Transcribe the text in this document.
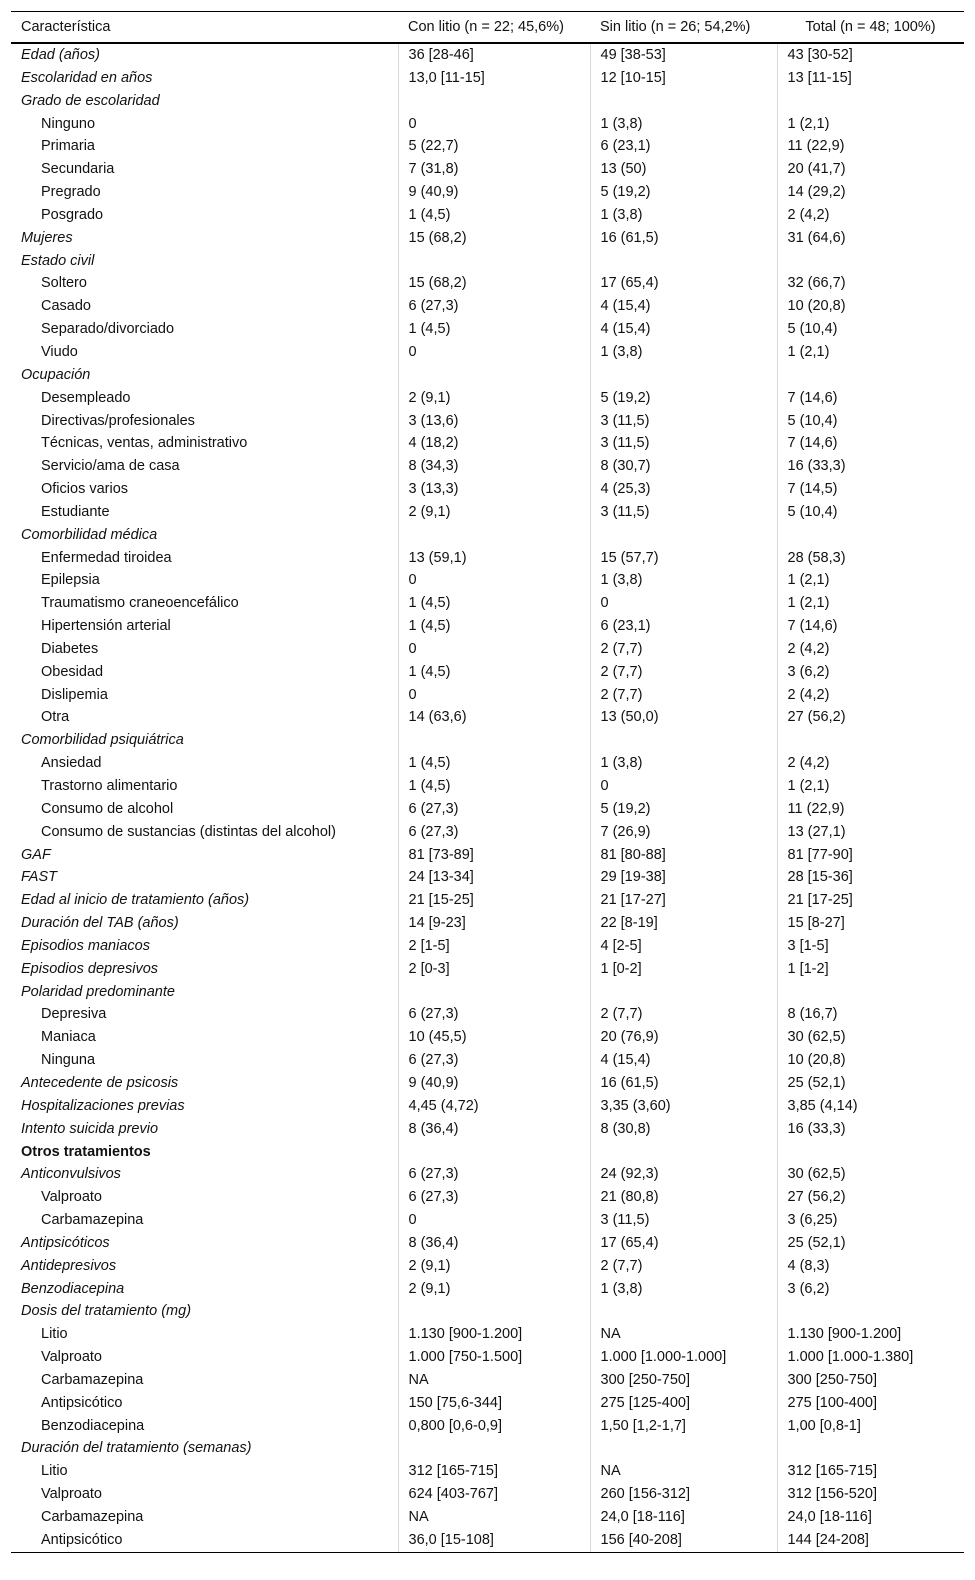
Característica	Con litio (n = 22; 45,6%)	Sin litio (n = 26; 54,2%)	Total (n = 48; 100%)
Edad (años)	36 [28-46]	49 [38-53]	43 [30-52]
Escolaridad en años	13,0 [11-15]	12 [10-15]	13 [11-15]
Grado de escolaridad			
Ninguno	0	1 (3,8)	1 (2,1)
Primaria	5 (22,7)	6 (23,1)	11 (22,9)
Secundaria	7 (31,8)	13 (50)	20 (41,7)
Pregrado	9 (40,9)	5 (19,2)	14 (29,2)
Posgrado	1 (4,5)	1 (3,8)	2 (4,2)
Mujeres	15 (68,2)	16 (61,5)	31 (64,6)
Estado civil			
Soltero	15 (68,2)	17 (65,4)	32 (66,7)
Casado	6 (27,3)	4 (15,4)	10 (20,8)
Separado/divorciado	1 (4,5)	4 (15,4)	5 (10,4)
Viudo	0	1 (3,8)	1 (2,1)
Ocupación			
Desempleado	2 (9,1)	5 (19,2)	7 (14,6)
Directivas/profesionales	3 (13,6)	3 (11,5)	5 (10,4)
Técnicas, ventas, administrativo	4 (18,2)	3 (11,5)	7 (14,6)
Servicio/ama de casa	8 (34,3)	8 (30,7)	16 (33,3)
Oficios varios	3 (13,3)	4 (25,3)	7 (14,5)
Estudiante	2 (9,1)	3 (11,5)	5 (10,4)
Comorbilidad médica			
Enfermedad tiroidea	13 (59,1)	15 (57,7)	28 (58,3)
Epilepsia	0	1 (3,8)	1 (2,1)
Traumatismo craneoencefálico	1 (4,5)	0	1 (2,1)
Hipertensión arterial	1 (4,5)	6 (23,1)	7 (14,6)
Diabetes	0	2 (7,7)	2 (4,2)
Obesidad	1 (4,5)	2 (7,7)	3 (6,2)
Dislipemia	0	2 (7,7)	2 (4,2)
Otra	14 (63,6)	13 (50,0)	27 (56,2)
Comorbilidad psiquiátrica			
Ansiedad	1 (4,5)	1 (3,8)	2 (4,2)
Trastorno alimentario	1 (4,5)	0	1 (2,1)
Consumo de alcohol	6 (27,3)	5 (19,2)	11 (22,9)
Consumo de sustancias (distintas del alcohol)	6 (27,3)	7 (26,9)	13 (27,1)
GAF	81 [73-89]	81 [80-88]	81 [77-90]
FAST	24 [13-34]	29 [19-38]	28 [15-36]
Edad al inicio de tratamiento (años)	21 [15-25]	21 [17-27]	21 [17-25]
Duración del TAB (años)	14 [9-23]	22 [8-19]	15 [8-27]
Episodios maniacos	2 [1-5]	4 [2-5]	3 [1-5]
Episodios depresivos	2 [0-3]	1 [0-2]	1 [1-2]
Polaridad predominante			
Depresiva	6 (27,3)	2 (7,7)	8 (16,7)
Maniaca	10 (45,5)	20 (76,9)	30 (62,5)
Ninguna	6 (27,3)	4 (15,4)	10 (20,8)
Antecedente de psicosis	9 (40,9)	16 (61,5)	25 (52,1)
Hospitalizaciones previas	4,45 (4,72)	3,35 (3,60)	3,85 (4,14)
Intento suicida previo	8 (36,4)	8 (30,8)	16 (33,3)
Otros tratamientos			
Anticonvulsivos	6 (27,3)	24 (92,3)	30 (62,5)
Valproato	6 (27,3)	21 (80,8)	27 (56,2)
Carbamazepina	0	3 (11,5)	3 (6,25)
Antipsicóticos	8 (36,4)	17 (65,4)	25 (52,1)
Antidepresivos	2 (9,1)	2 (7,7)	4 (8,3)
Benzodiacepina	2 (9,1)	1 (3,8)	3 (6,2)
Dosis del tratamiento (mg)			
Litio	1.130 [900-1.200]	NA	1.130 [900-1.200]
Valproato	1.000 [750-1.500]	1.000 [1.000-1.000]	1.000 [1.000-1.380]
Carbamazepina	NA	300 [250-750]	300 [250-750]
Antipsicótico	150 [75,6-344]	275 [125-400]	275 [100-400]
Benzodiacepina	0,800 [0,6-0,9]	1,50 [1,2-1,7]	1,00 [0,8-1]
Duración del tratamiento (semanas)			
Litio	312 [165-715]	NA	312 [165-715]
Valproato	624 [403-767]	260 [156-312]	312 [156-520]
Carbamazepina	NA	24,0 [18-116]	24,0 [18-116]
Antipsicótico	36,0 [15-108]	156 [40-208]	144 [24-208]
